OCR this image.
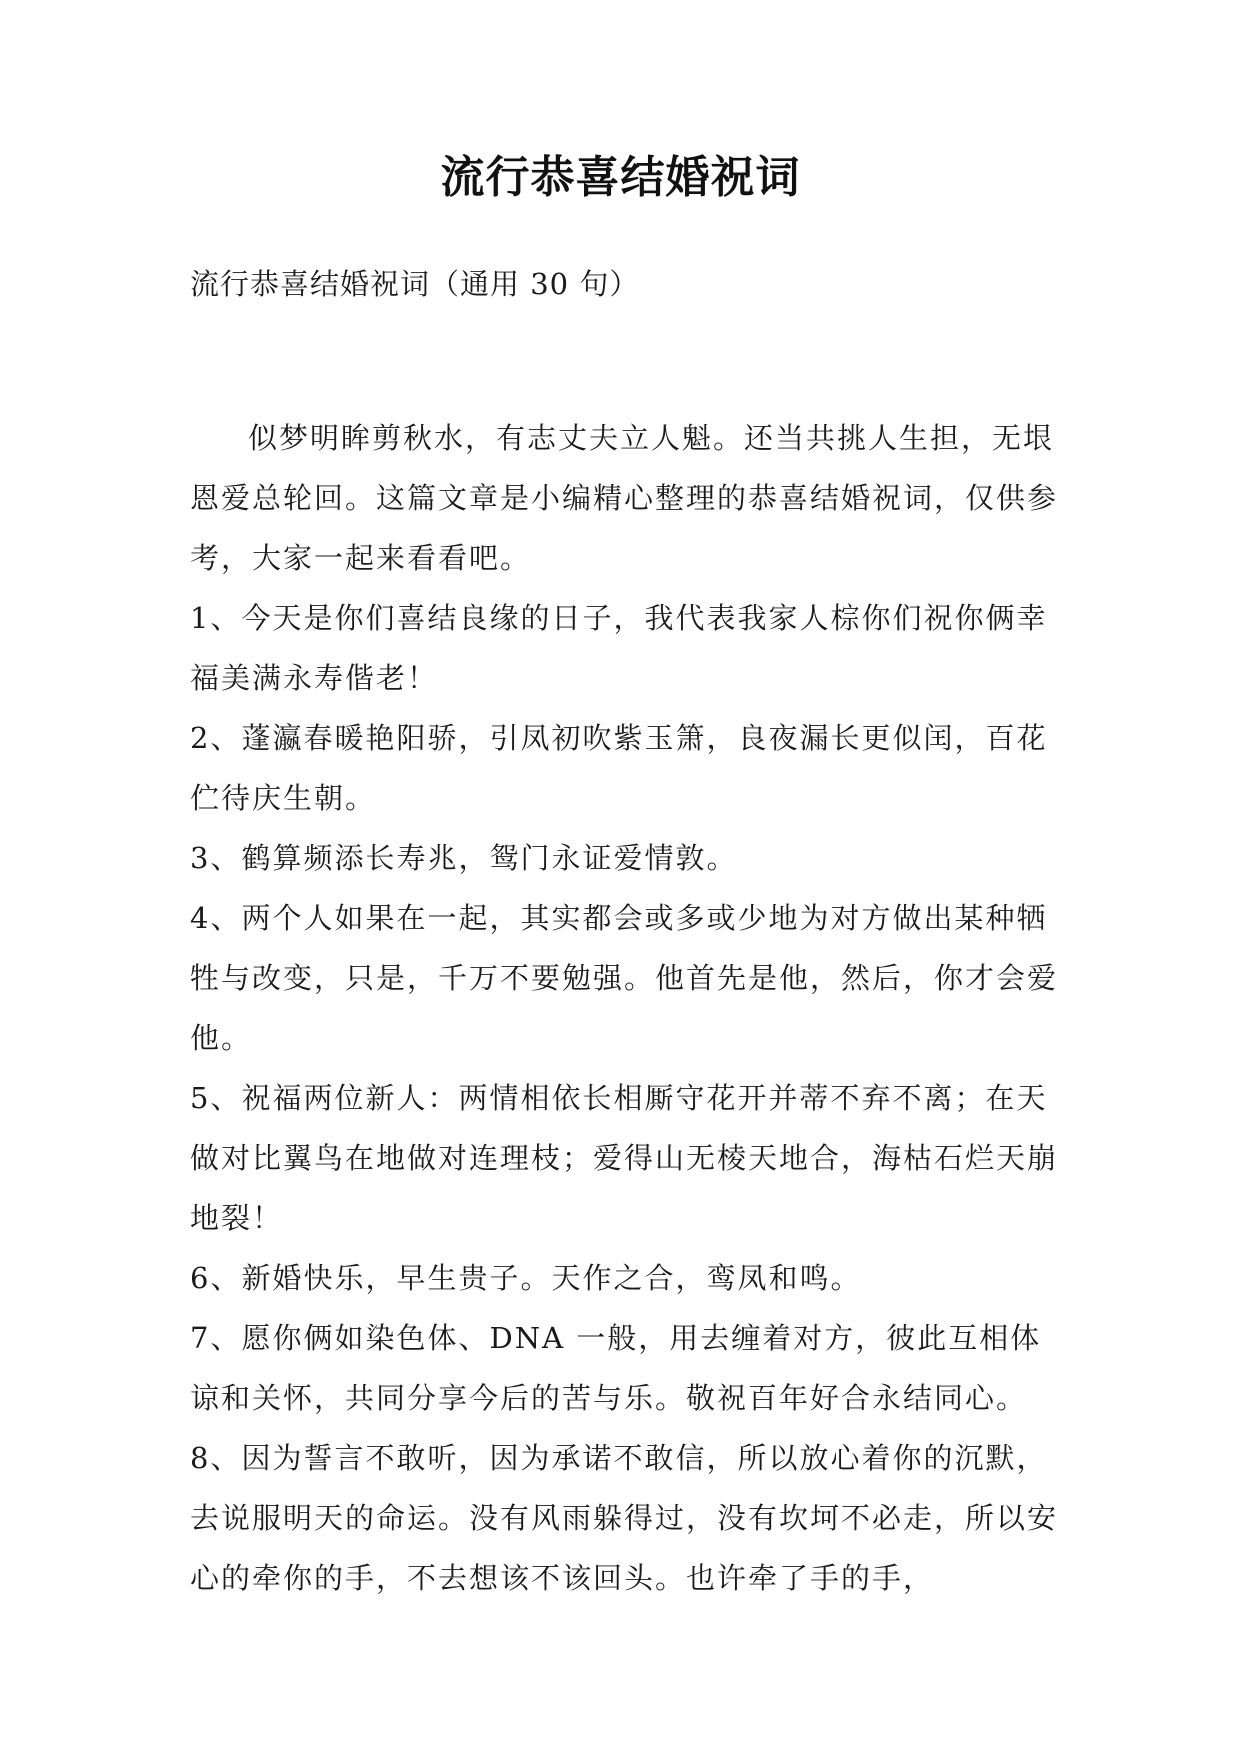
流行恭喜结婚祝词
流行恭喜结婚祝词（通用 30 句）

似梦明眸剪秋水，有志丈夫立人魁。还当共挑人生担，无垠恩爱总轮回。这篇文章是小编精心整理的恭喜结婚祝词，仅供参考，大家一起来看看吧。

1、今天是你们喜结良缘的日子，我代表我家人棕你们祝你俩幸福美满永寿偕老！

2、蓬瀛春暖艳阳骄，引凤初吹紫玉箫，良夜漏长更似闰，百花伫待庆生朝。

3、鹤算频添长寿兆，鸳门永证爱情敦。

4、两个人如果在一起，其实都会或多或少地为对方做出某种牺牲与改变，只是，千万不要勉强。他首先是他，然后，你才会爱他。

5、祝福两位新人：两情相依长相厮守花开并蒂不弃不离；在天做对比翼鸟在地做对连理枝；爱得山无棱天地合，海枯石烂天崩地裂！

6、新婚快乐，早生贵子。天作之合，鸾凤和鸣。

7、愿你俩如染色体、DNA 一般，用去缠着对方，彼此互相体谅和关怀，共同分享今后的苦与乐。敬祝百年好合永结同心。

8、因为誓言不敢听，因为承诺不敢信，所以放心着你的沉默，去说服明天的命运。没有风雨躲得过，没有坎坷不必走，所以安心的牵你的手，不去想该不该回头。也许牵了手的手，
